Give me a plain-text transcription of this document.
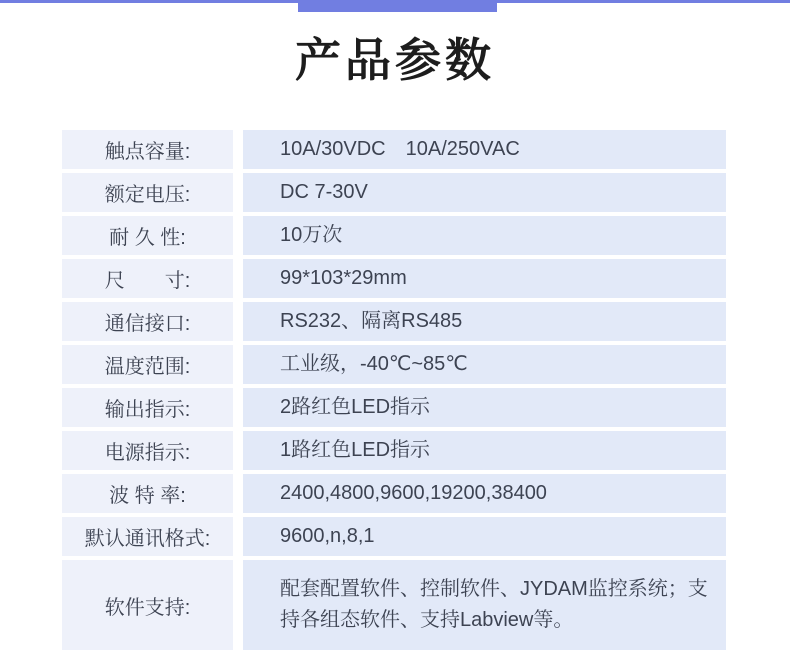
产品参数
触点容量:	10A/30VDC　10A/250VAC
额定电压:	DC 7-30V
耐 久 性:	10万次
尺　　寸:	99*103*29mm
通信接口:	RS232、隔离RS485
温度范围:	工业级，-40℃~85℃
输出指示:	2路红色LED指示
电源指示:	1路红色LED指示
波 特 率:	2400,4800,9600,19200,38400
默认通讯格式:	9600,n,8,1
软件支持:
配套配置软件、控制软件、JYDAM监控系统；支持各组态软件、支持Labview等。
